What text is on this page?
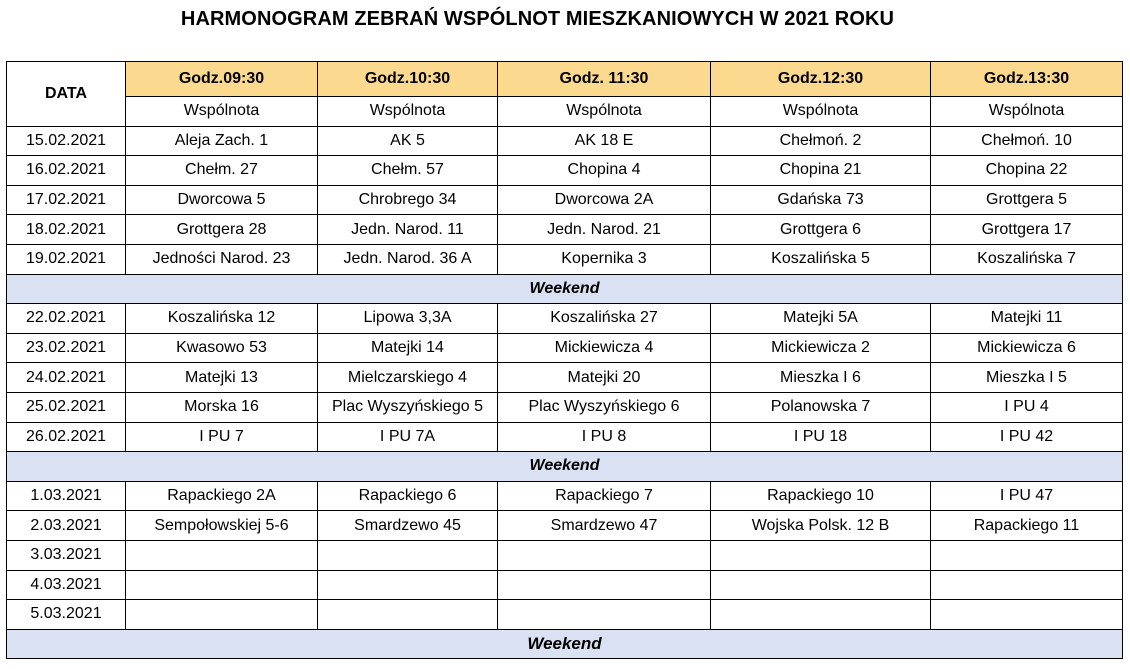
HARMONOGRAM ZEBRAŃ WSPÓLNOT MIESZKANIOWYCH W 2021 ROKU
DATA	Godz.09:30	Godz.10:30	Godz. 11:30	Godz.12:30	Godz.13:30
	Wspólnota	Wspólnota	Wspólnota	Wspólnota	Wspólnota
15.02.2021	Aleja Zach. 1	AK 5	AK 18 E	Chełmoń. 2	Chełmoń. 10
16.02.2021	Chełm. 27	Chełm. 57	Chopina 4	Chopina 21	Chopina 22
17.02.2021	Dworcowa 5	Chrobrego 34	Dworcowa 2A	Gdańska 73	Grottgera 5
18.02.2021	Grottgera 28	Jedn. Narod. 11	Jedn. Narod. 21	Grottgera 6	Grottgera 17
19.02.2021	Jedności Narod. 23	Jedn. Narod. 36 A	Kopernika 3	Koszalińska 5	Koszalińska 7
Weekend					
22.02.2021	Koszalińska 12	Lipowa 3,3A	Koszalińska 27	Matejki 5A	Matejki 11
23.02.2021	Kwasowo 53	Matejki 14	Mickiewicza 4	Mickiewicza 2	Mickiewicza 6
24.02.2021	Matejki 13	Mielczarskiego 4	Matejki 20	Mieszka I 6	Mieszka I 5
25.02.2021	Morska 16	Plac Wyszyńskiego 5	Plac Wyszyńskiego 6	Polanowska 7	I PU 4
26.02.2021	I PU 7	I PU 7A	I PU 8	I PU 18	I PU 42
Weekend					
1.03.2021	Rapackiego 2A	Rapackiego 6	Rapackiego 7	Rapackiego 10	I PU 47
2.03.2021	Sempołowskiej 5-6	Smardzewo 45	Smardzewo 47	Wojska Polsk. 12 B	Rapackiego 11
3.03.2021					
4.03.2021					
5.03.2021					
Weekend					
